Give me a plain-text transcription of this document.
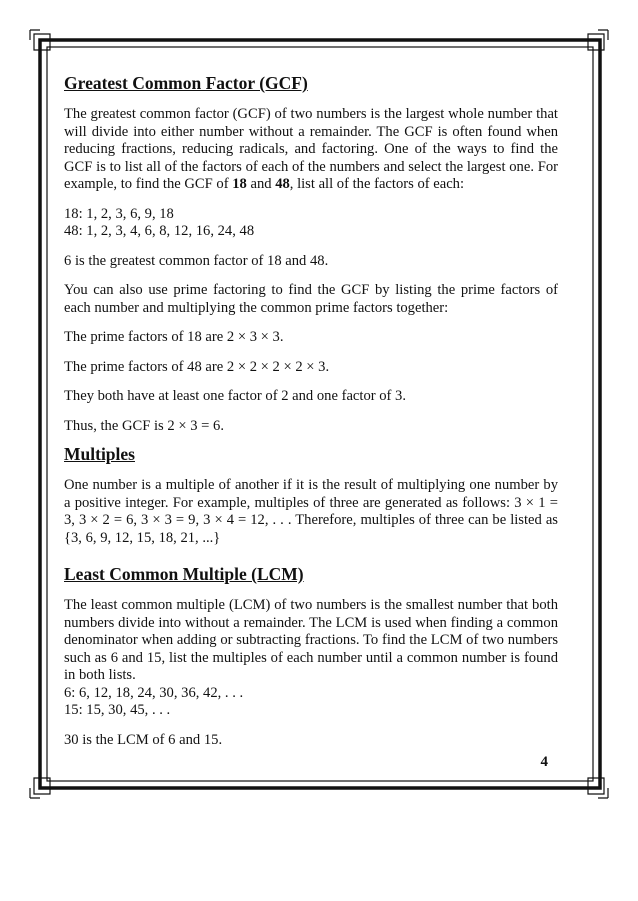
Greatest Common Factor (GCF)

The greatest common factor (GCF) of two numbers is the largest whole number that will divide into either number without a remainder. The GCF is often found when reducing fractions, reducing radicals, and factoring. One of the ways to find the GCF is to list all of the factors of each of the numbers and select the largest one. For example, to find the GCF of 18 and 48, list all of the factors of each:

18: 1, 2, 3, 6, 9, 18

48: 1, 2, 3, 4, 6, 8, 12, 16, 24, 48

6 is the greatest common factor of 18 and 48.

You can also use prime factoring to find the GCF by listing the prime factors of each number and multiplying the common prime factors together:

The prime factors of 18 are 2 × 3 × 3.

The prime factors of 48 are 2 × 2 × 2 × 2 × 3.

They both have at least one factor of 2 and one factor of 3.

Thus, the GCF is 2 × 3 = 6.

Multiples

One number is a multiple of another if it is the result of multiplying one number by a positive integer. For example, multiples of three are generated as follows: 3 × 1 = 3, 3 × 2 = 6, 3 × 3 = 9, 3 × 4 = 12, . . . Therefore, multiples of three can be listed as {3, 6, 9, 12, 15, 18, 21, ...}

Least Common Multiple (LCM)

The least common multiple (LCM) of two numbers is the smallest number that both numbers divide into without a remainder. The LCM is used when finding a common denominator when adding or subtracting fractions. To find the LCM of two numbers such as 6 and 15, list the multiples of each number until a common number is found in both lists.

6: 6, 12, 18, 24, 30, 36, 42, . . .

15: 15, 30, 45, . . .

30 is the LCM of 6 and 15.

4
